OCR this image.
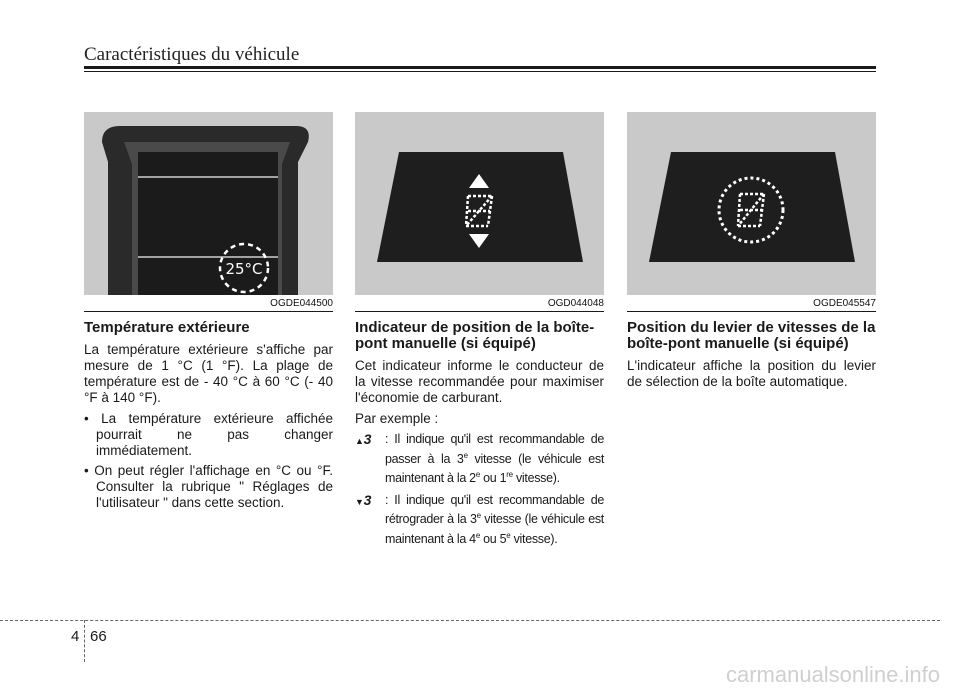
Caractéristiques du véhicule
25°C
OGDE044500
Température extérieure

La température extérieure s'affiche par mesure de 1 °C (1 °F). La plage de température est de - 40 °C à 60 °C (- 40 °F à 140 °F).

• La température extérieure affichée pourrait ne pas changer immédiatement.
• On peut régler l'affichage en °C ou °F. Consulter la rubrique " Réglages de l'utilisateur " dans cette section.
OGD044048
Indicateur de position de la boîte-pont manuelle (si équipé)

Cet indicateur informe le conducteur de la vitesse recommandée pour maximiser l'économie de carburant.

Par exemple :

▲3 : Il indique qu'il est recommandable de passer à la 3e vitesse (le véhicule est maintenant à la 2e ou 1re vitesse).
▼3 : Il indique qu'il est recommandable de rétrograder à la 3e vitesse (le véhicule est maintenant à la 4e ou 5e vitesse).
OGDE045547
Position du levier de vitesses de la boîte-pont manuelle (si équipé)

L'indicateur affiche la position du levier de sélection de la boîte automatique.

4 66
carmanualsonline.info
